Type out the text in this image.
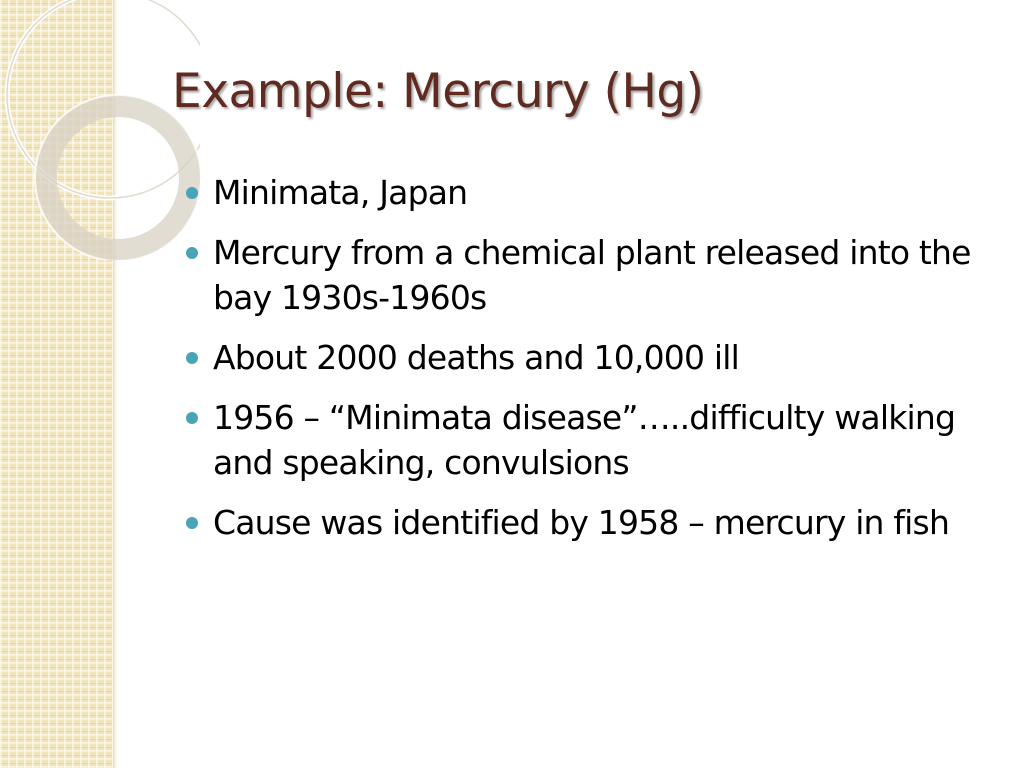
Example: Mercury (Hg)
Minimata, Japan
Mercury from a chemical plant released into the bay 1930s-1960s
About 2000 deaths and 10,000 ill
1956 – “Minimata disease”…..difficulty walking and speaking, convulsions
Cause was identified by 1958 – mercury in fish
